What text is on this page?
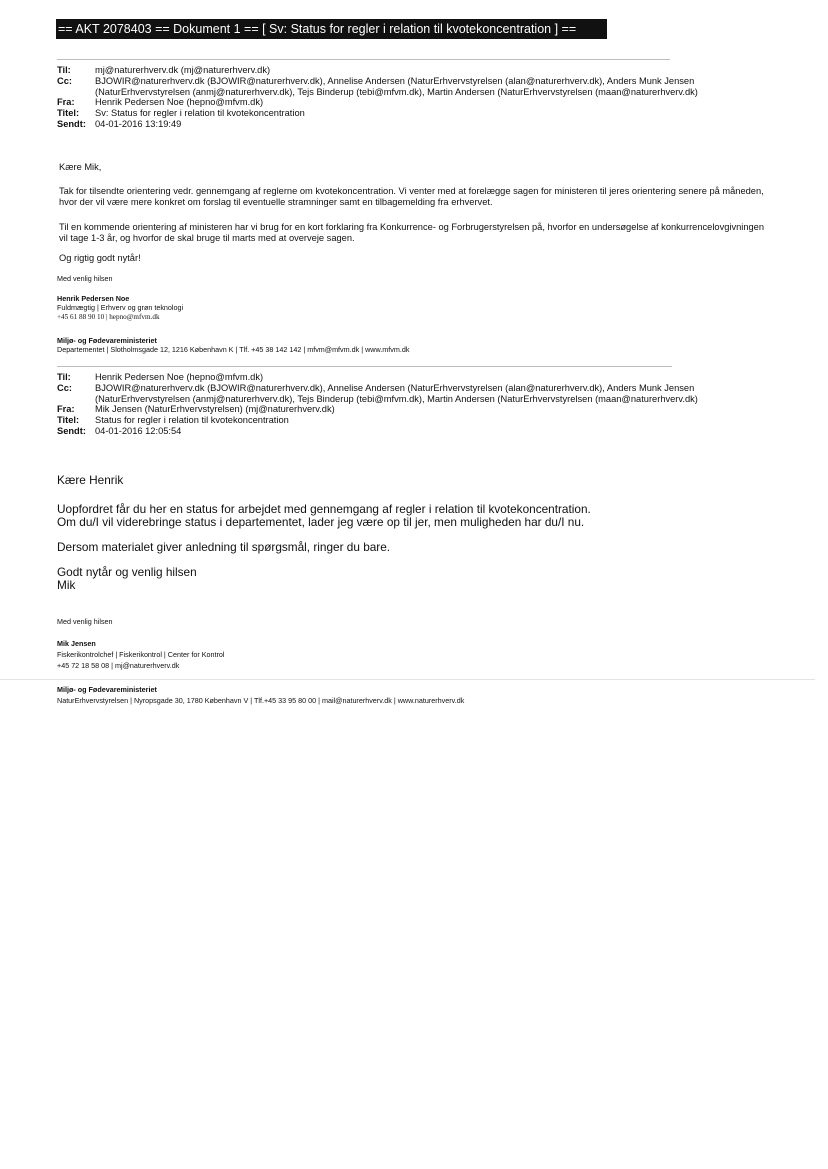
== AKT 2078403 == Dokument 1 == [ Sv: Status for regler i relation til kvotekoncentration ] ==
Til:	mj@naturerhverv.dk (mj@naturerhverv.dk)
Cc:	BJOWIR@naturerhverv.dk (BJOWIR@naturerhverv.dk), Annelise Andersen (NaturErhvervstyrelsen (alan@naturerhverv.dk), Anders Munk Jensen (NaturErhvervstyrelsen (anmj@naturerhverv.dk), Tejs Binderup (tebi@mfvm.dk), Martin Andersen (NaturErhvervstyrelsen (maan@naturerhverv.dk)
Fra:	Henrik Pedersen Noe (hepno@mfvm.dk)
Titel:	Sv: Status for regler i relation til kvotekoncentration
Sendt: 04-01-2016 13:19:49
Kære Mik,
Tak for tilsendte orientering vedr. gennemgang af reglerne om kvotekoncentration. Vi venter med at forelægge sagen for ministeren til jeres orientering senere på måneden, hvor der vil være mere konkret om forslag til eventuelle stramninger samt en tilbagemelding fra erhvervet.
Til en kommende orientering af ministeren har vi brug for en kort forklaring fra Konkurrence- og Forbrugerstyrelsen på, hvorfor en undersøgelse af konkurrencelovgivningen vil tage 1-3 år, og hvorfor de skal bruge til marts med at overveje sagen.
Og rigtig godt nytår!
Med venlig hilsen
Henrik Pedersen Noe
Fuldmægtig | Erhverv og grøn teknologi
+45 61 88 90 10 | hepno@mfvm.dk
Miljø- og Fødevareministeriet
Departementet | Slotholmsgade 12, 1216 København K | Tlf. +45 38 142 142 | mfvm@mfvm.dk | www.mfvm.dk
Til:	Henrik Pedersen Noe (hepno@mfvm.dk)
Cc:	BJOWIR@naturerhverv.dk (BJOWIR@naturerhverv.dk), Annelise Andersen (NaturErhvervstyrelsen (alan@naturerhverv.dk), Anders Munk Jensen (NaturErhvervstyrelsen (anmj@naturerhverv.dk), Tejs Binderup (tebi@mfvm.dk), Martin Andersen (NaturErhvervstyrelsen (maan@naturerhverv.dk)
Fra:	Mik Jensen (NaturErhvervstyrelsen) (mj@naturerhverv.dk)
Titel:	Status for regler i relation til kvotekoncentration
Sendt: 04-01-2016 12:05:54
Kære Henrik
Uopfordret får du her en status for arbejdet med gennemgang af regler i relation til kvotekoncentration.
Om du/I vil viderebringe status i departementet, lader jeg være op til jer, men muligheden har du/I nu.
Dersom materialet giver anledning til spørgsmål, ringer du bare.
Godt nytår og venlig hilsen
Mik
Med venlig hilsen
Mik Jensen
Fiskerikontrolchef | Fiskerikontrol | Center for Kontrol
+45 72 18 58 08 | mj@naturerhverv.dk
Miljø- og Fødevareministeriet
NaturErhvervstyrelsen | Nyropsgade 30, 1780 København V | Tlf.+45 33 95 80 00 | mail@naturerhverv.dk | www.naturerhverv.dk
